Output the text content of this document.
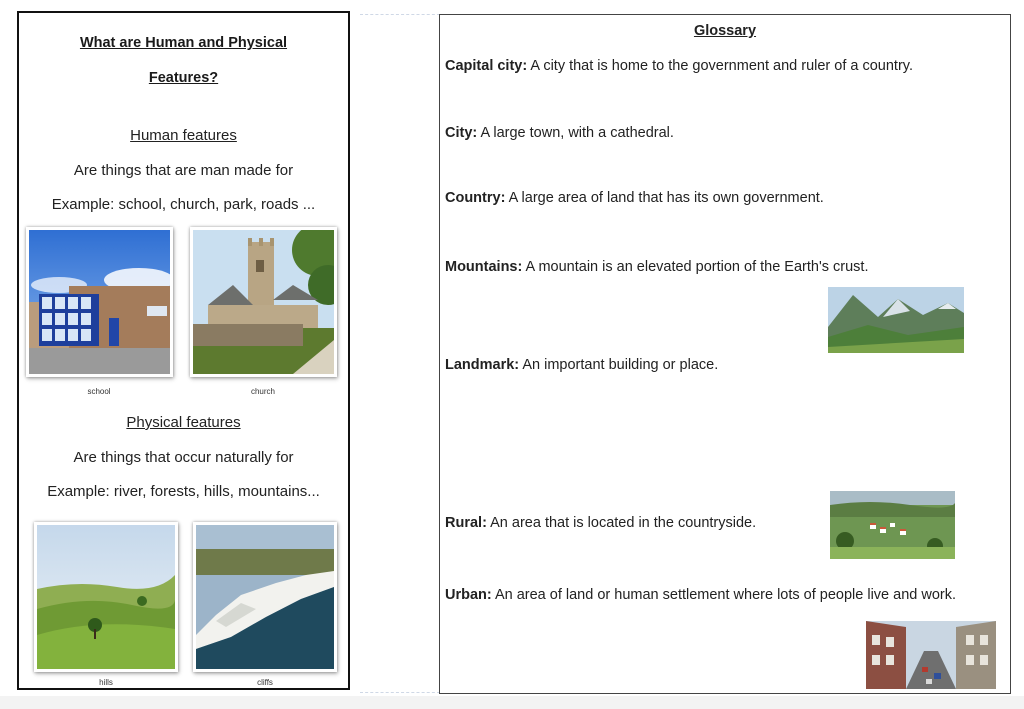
What are Human and Physical
Features?
Human features
Are things that are man made for
Example: school, church, park, roads ...
school	church
Physical features
Are things that occur naturally for
Example: river, forests, hills, mountains...
hills	cliffs
Glossary
Capital city: A city that is home to the government and ruler of a country.
City: A large town, with a cathedral.
Country: A large area of land that has its own government.
Mountains: A mountain is an elevated portion of the Earth's crust.
Landmark: An important building or place.
Rural: An area that is located in the countryside.
Urban: An area of land or human settlement where lots of people live and work.
